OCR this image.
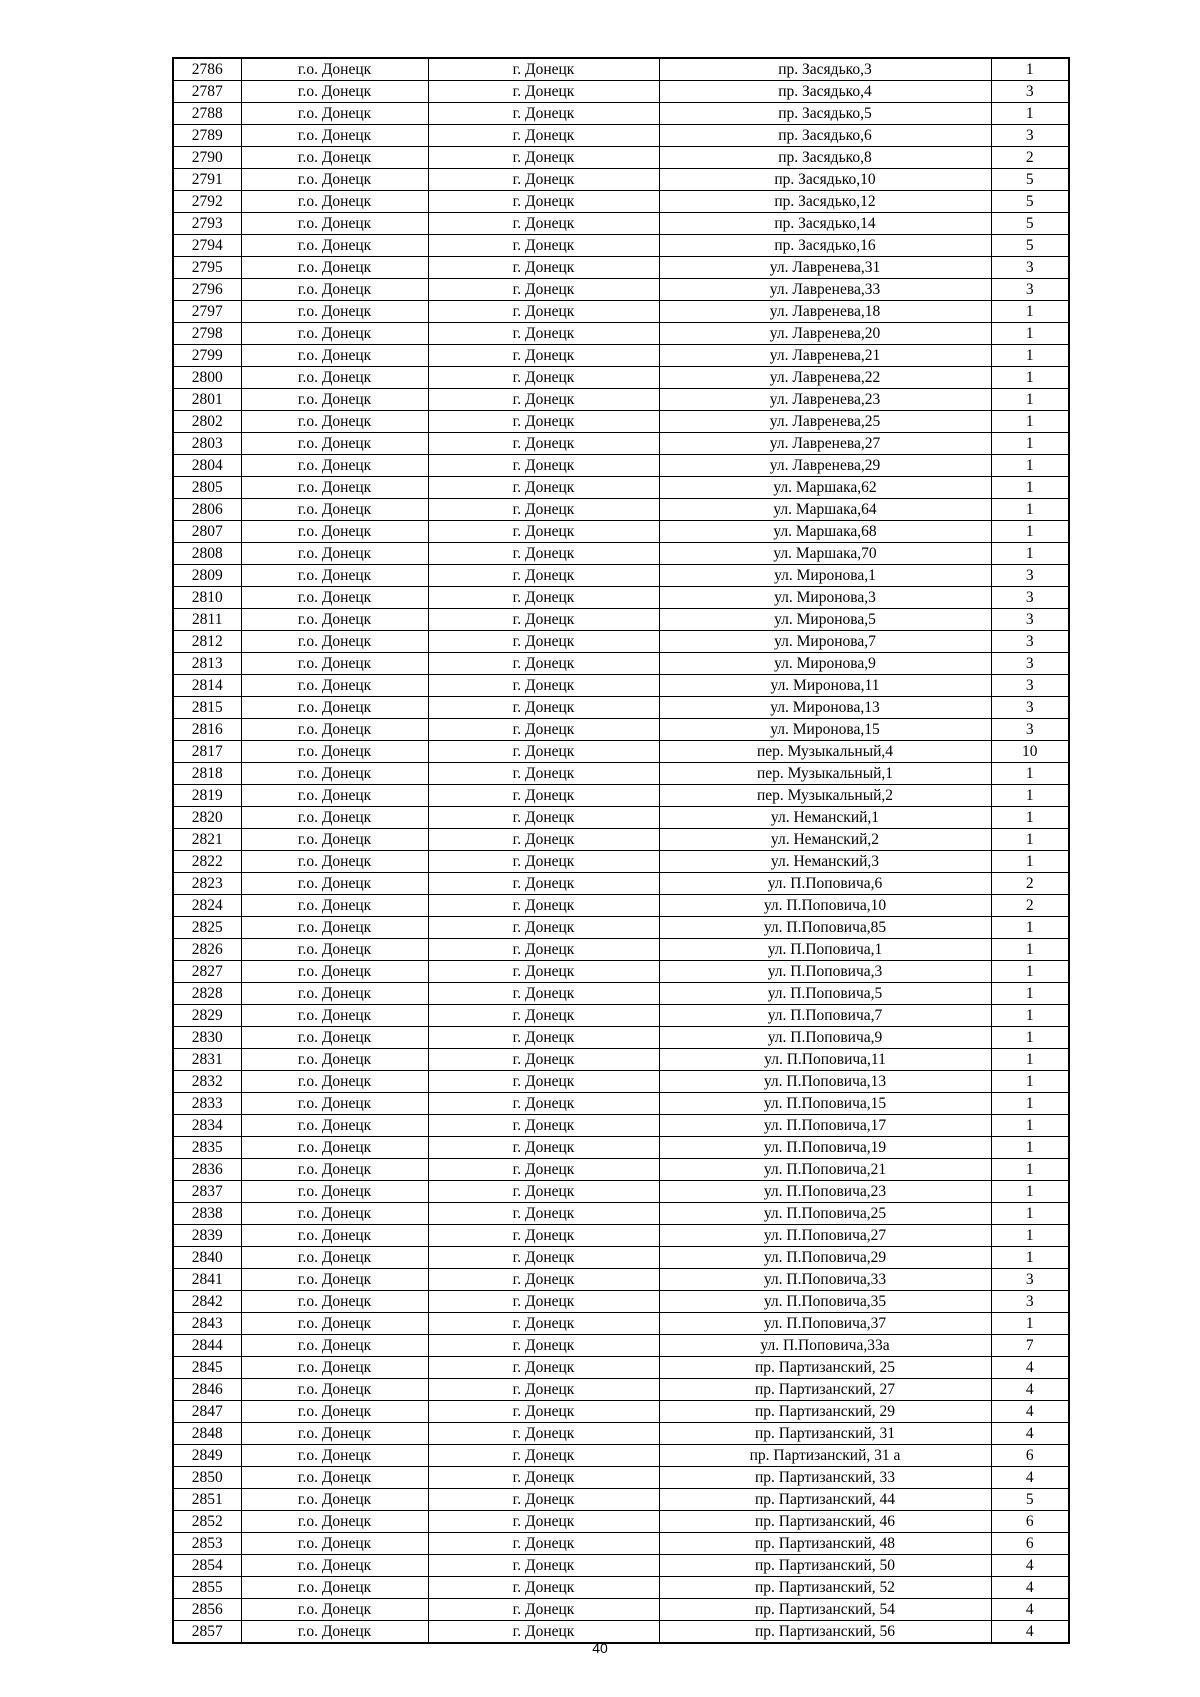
2786	г.о. Донецк	г. Донецк	пр. Засядько,3	1
2787	г.о. Донецк	г. Донецк	пр. Засядько,4	3
2788	г.о. Донецк	г. Донецк	пр. Засядько,5	1
2789	г.о. Донецк	г. Донецк	пр. Засядько,6	3
2790	г.о. Донецк	г. Донецк	пр. Засядько,8	2
2791	г.о. Донецк	г. Донецк	пр. Засядько,10	5
2792	г.о. Донецк	г. Донецк	пр. Засядько,12	5
2793	г.о. Донецк	г. Донецк	пр. Засядько,14	5
2794	г.о. Донецк	г. Донецк	пр. Засядько,16	5
2795	г.о. Донецк	г. Донецк	ул. Лавренева,31	3
2796	г.о. Донецк	г. Донецк	ул. Лавренева,33	3
2797	г.о. Донецк	г. Донецк	ул. Лавренева,18	1
2798	г.о. Донецк	г. Донецк	ул. Лавренева,20	1
2799	г.о. Донецк	г. Донецк	ул. Лавренева,21	1
2800	г.о. Донецк	г. Донецк	ул. Лавренева,22	1
2801	г.о. Донецк	г. Донецк	ул. Лавренева,23	1
2802	г.о. Донецк	г. Донецк	ул. Лавренева,25	1
2803	г.о. Донецк	г. Донецк	ул. Лавренева,27	1
2804	г.о. Донецк	г. Донецк	ул. Лавренева,29	1
2805	г.о. Донецк	г. Донецк	ул. Маршака,62	1
2806	г.о. Донецк	г. Донецк	ул. Маршака,64	1
2807	г.о. Донецк	г. Донецк	ул. Маршака,68	1
2808	г.о. Донецк	г. Донецк	ул. Маршака,70	1
2809	г.о. Донецк	г. Донецк	ул. Миронова,1	3
2810	г.о. Донецк	г. Донецк	ул. Миронова,3	3
2811	г.о. Донецк	г. Донецк	ул. Миронова,5	3
2812	г.о. Донецк	г. Донецк	ул. Миронова,7	3
2813	г.о. Донецк	г. Донецк	ул. Миронова,9	3
2814	г.о. Донецк	г. Донецк	ул. Миронова,11	3
2815	г.о. Донецк	г. Донецк	ул. Миронова,13	3
2816	г.о. Донецк	г. Донецк	ул. Миронова,15	3
2817	г.о. Донецк	г. Донецк	пер. Музыкальный,4	10
2818	г.о. Донецк	г. Донецк	пер. Музыкальный,1	1
2819	г.о. Донецк	г. Донецк	пер. Музыкальный,2	1
2820	г.о. Донецк	г. Донецк	ул. Неманский,1	1
2821	г.о. Донецк	г. Донецк	ул. Неманский,2	1
2822	г.о. Донецк	г. Донецк	ул. Неманский,3	1
2823	г.о. Донецк	г. Донецк	ул. П.Поповича,6	2
2824	г.о. Донецк	г. Донецк	ул. П.Поповича,10	2
2825	г.о. Донецк	г. Донецк	ул. П.Поповича,85	1
2826	г.о. Донецк	г. Донецк	ул. П.Поповича,1	1
2827	г.о. Донецк	г. Донецк	ул. П.Поповича,3	1
2828	г.о. Донецк	г. Донецк	ул. П.Поповича,5	1
2829	г.о. Донецк	г. Донецк	ул. П.Поповича,7	1
2830	г.о. Донецк	г. Донецк	ул. П.Поповича,9	1
2831	г.о. Донецк	г. Донецк	ул. П.Поповича,11	1
2832	г.о. Донецк	г. Донецк	ул. П.Поповича,13	1
2833	г.о. Донецк	г. Донецк	ул. П.Поповича,15	1
2834	г.о. Донецк	г. Донецк	ул. П.Поповича,17	1
2835	г.о. Донецк	г. Донецк	ул. П.Поповича,19	1
2836	г.о. Донецк	г. Донецк	ул. П.Поповича,21	1
2837	г.о. Донецк	г. Донецк	ул. П.Поповича,23	1
2838	г.о. Донецк	г. Донецк	ул. П.Поповича,25	1
2839	г.о. Донецк	г. Донецк	ул. П.Поповича,27	1
2840	г.о. Донецк	г. Донецк	ул. П.Поповича,29	1
2841	г.о. Донецк	г. Донецк	ул. П.Поповича,33	3
2842	г.о. Донецк	г. Донецк	ул. П.Поповича,35	3
2843	г.о. Донецк	г. Донецк	ул. П.Поповича,37	1
2844	г.о. Донецк	г. Донецк	ул. П.Поповича,33а	7
2845	г.о. Донецк	г. Донецк	пр. Партизанский, 25	4
2846	г.о. Донецк	г. Донецк	пр. Партизанский, 27	4
2847	г.о. Донецк	г. Донецк	пр. Партизанский, 29	4
2848	г.о. Донецк	г. Донецк	пр. Партизанский, 31	4
2849	г.о. Донецк	г. Донецк	пр. Партизанский, 31 а	6
2850	г.о. Донецк	г. Донецк	пр. Партизанский, 33	4
2851	г.о. Донецк	г. Донецк	пр. Партизанский, 44	5
2852	г.о. Донецк	г. Донецк	пр. Партизанский, 46	6
2853	г.о. Донецк	г. Донецк	пр. Партизанский, 48	6
2854	г.о. Донецк	г. Донецк	пр. Партизанский, 50	4
2855	г.о. Донецк	г. Донецк	пр. Партизанский, 52	4
2856	г.о. Донецк	г. Донецк	пр. Партизанский, 54	4
2857	г.о. Донецк	г. Донецк	пр. Партизанский, 56	4
40
